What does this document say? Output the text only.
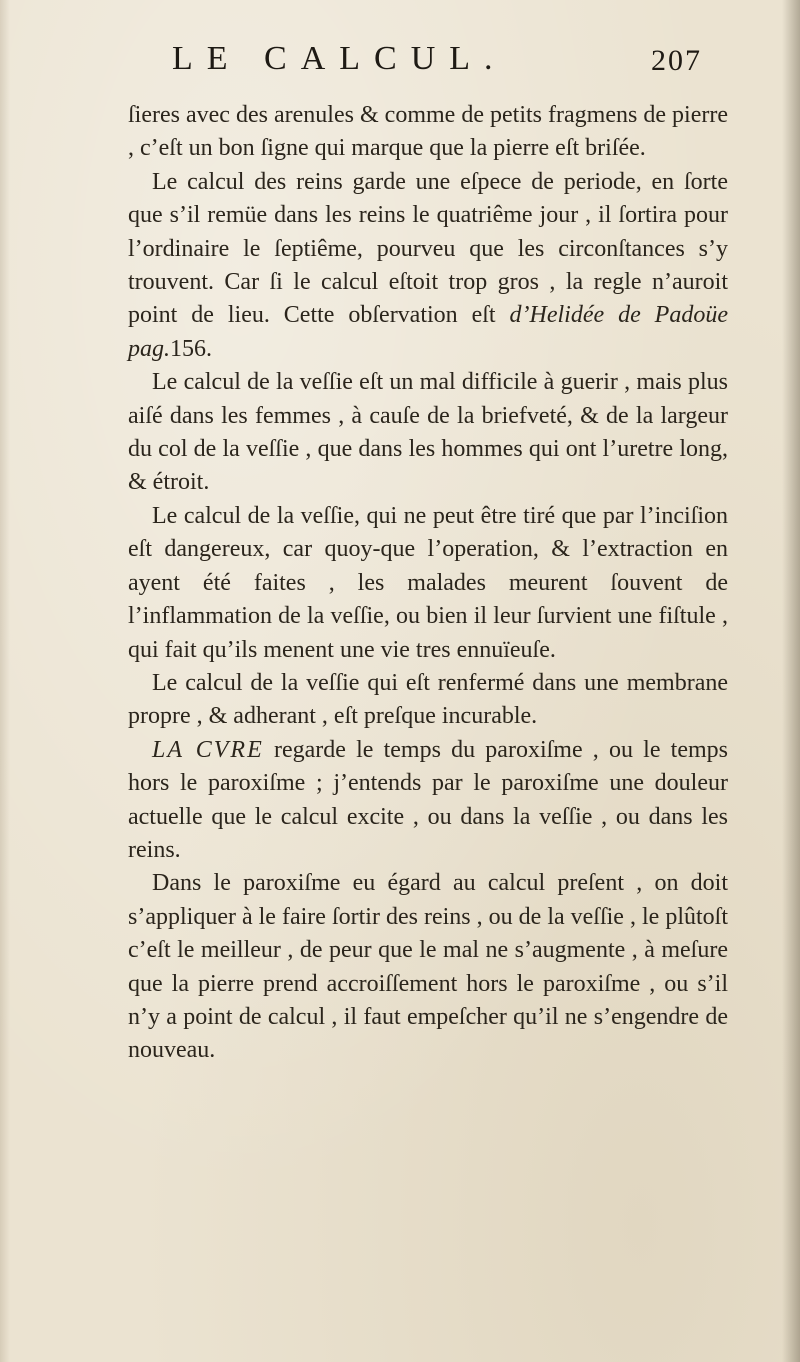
LE CALCUL.	207

ſieres avec des arenules & comme de petits fragmens de pierre , c’eſt un bon ſigne qui marque que la pierre eſt briſée.

Le calcul des reins garde une eſpece de periode, en ſorte que s’il remüe dans les reins le quatriême jour , il ſortira pour l’ordinaire le ſeptiême, pourveu que les circonſtances s’y trouvent. Car ſi le calcul eſtoit trop gros , la regle n’auroit point de lieu. Cette obſervation eſt d’Helidée de Padoüe pag.156.

Le calcul de la veſſie eſt un mal difficile à guerir , mais plus aiſé dans les femmes , à cauſe de la briefveté, & de la largeur du col de la veſſie , que dans les hommes qui ont l’uretre long, & étroit.

Le calcul de la veſſie, qui ne peut être tiré que par l’inciſion eſt dangereux, car quoy-que l’operation, & l’extraction en ayent été faites , les malades meurent ſouvent de l’inflammation de la veſſie, ou bien il leur ſurvient une fiſtule , qui fait qu’ils menent une vie tres ennuïeuſe.

Le calcul de la veſſie qui eſt renfermé dans une membrane propre , & adherant , eſt preſque incurable.

LA CVRE regarde le temps du paroxiſme , ou le temps hors le paroxiſme ; j’entends par le paroxiſme une douleur actuelle que le calcul excite , ou dans la veſſie , ou dans les reins.

Dans le paroxiſme eu égard au calcul preſent , on doit s’appliquer à le faire ſortir des reins , ou de la veſſie , le plûtoſt c’eſt le meilleur , de peur que le mal ne s’augmente , à meſure que la pierre prend accroiſſement hors le paroxiſme , ou s’il n’y a point de calcul , il faut empeſcher qu’il ne s’engendre de nouveau.
